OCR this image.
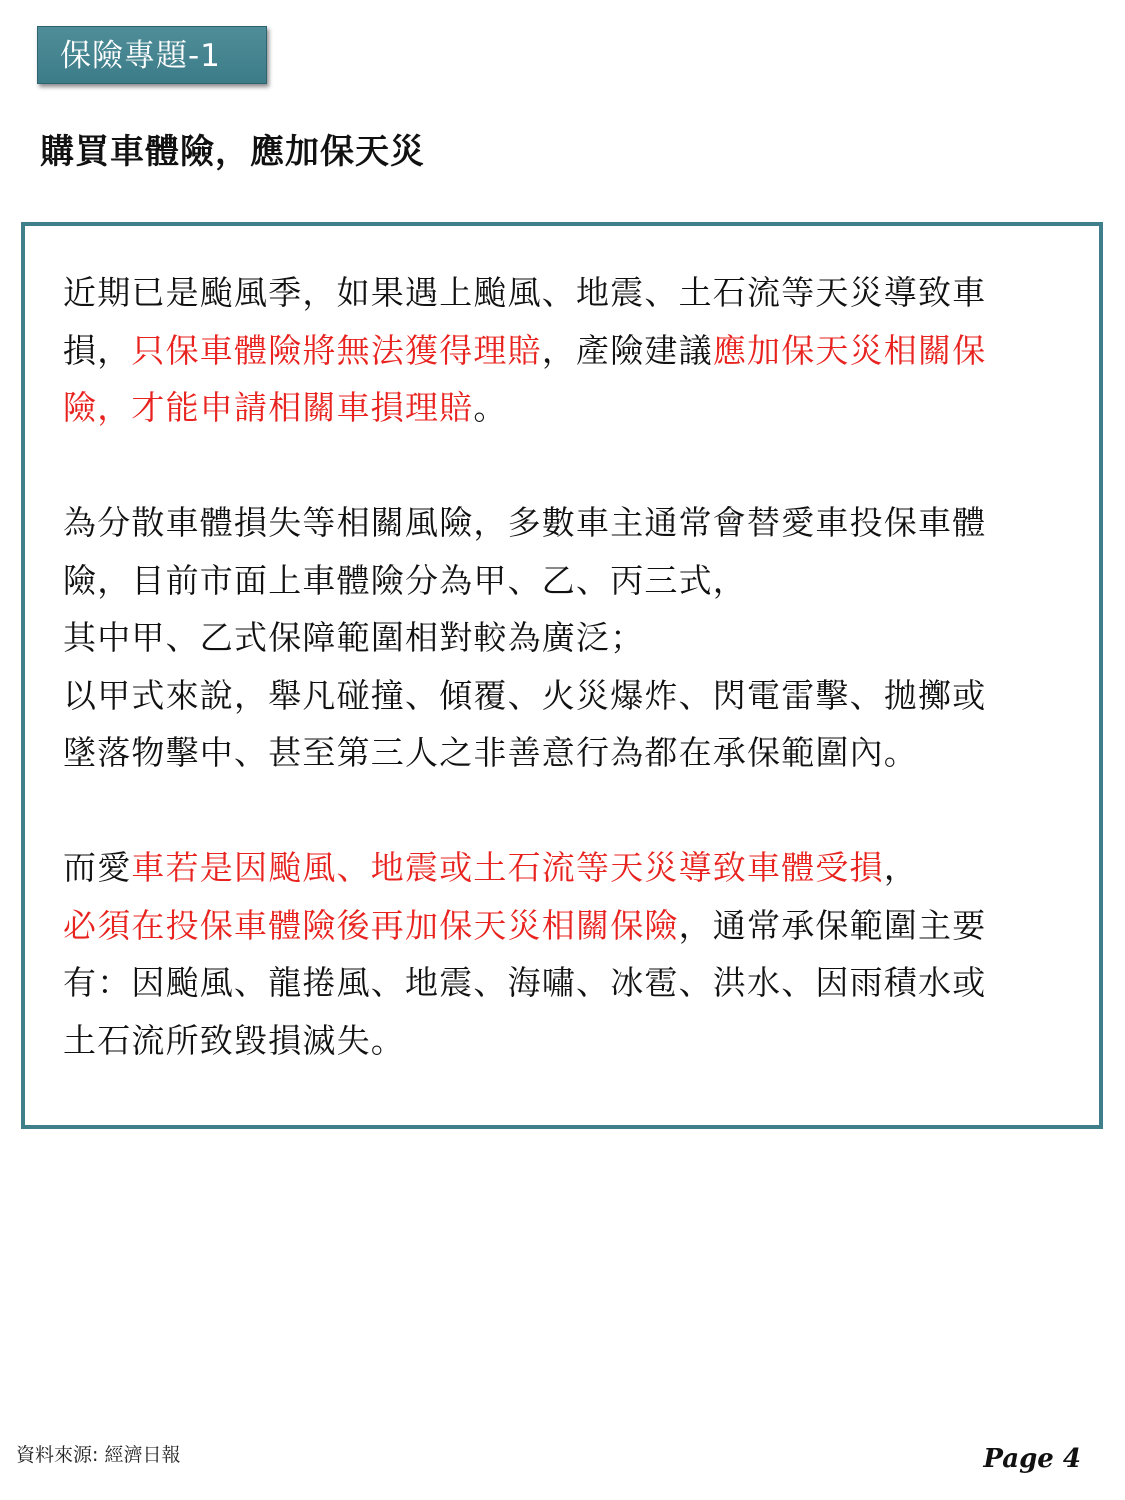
保險專題-1
購買車體險，應加保天災

近期已是颱風季，如果遇上颱風、地震、土石流等天災導致車
損，只保車體險將無法獲得理賠，產險建議應加保天災相關保
險，才能申請相關車損理賠。

為分散車體損失等相關風險，多數車主通常會替愛車投保車體
險，目前市面上車體險分為甲、乙、丙三式，
其中甲、乙式保障範圍相對較為廣泛；
以甲式來說，舉凡碰撞、傾覆、火災爆炸、閃電雷擊、拋擲或
墜落物擊中、甚至第三人之非善意行為都在承保範圍內。

而愛車若是因颱風、地震或土石流等天災導致車體受損，
必須在投保車體險後再加保天災相關保險，通常承保範圍主要
有：因颱風、龍捲風、地震、海嘯、冰雹、洪水、因雨積水或
土石流所致毀損滅失。

資料來源: 經濟日報	Page 4
